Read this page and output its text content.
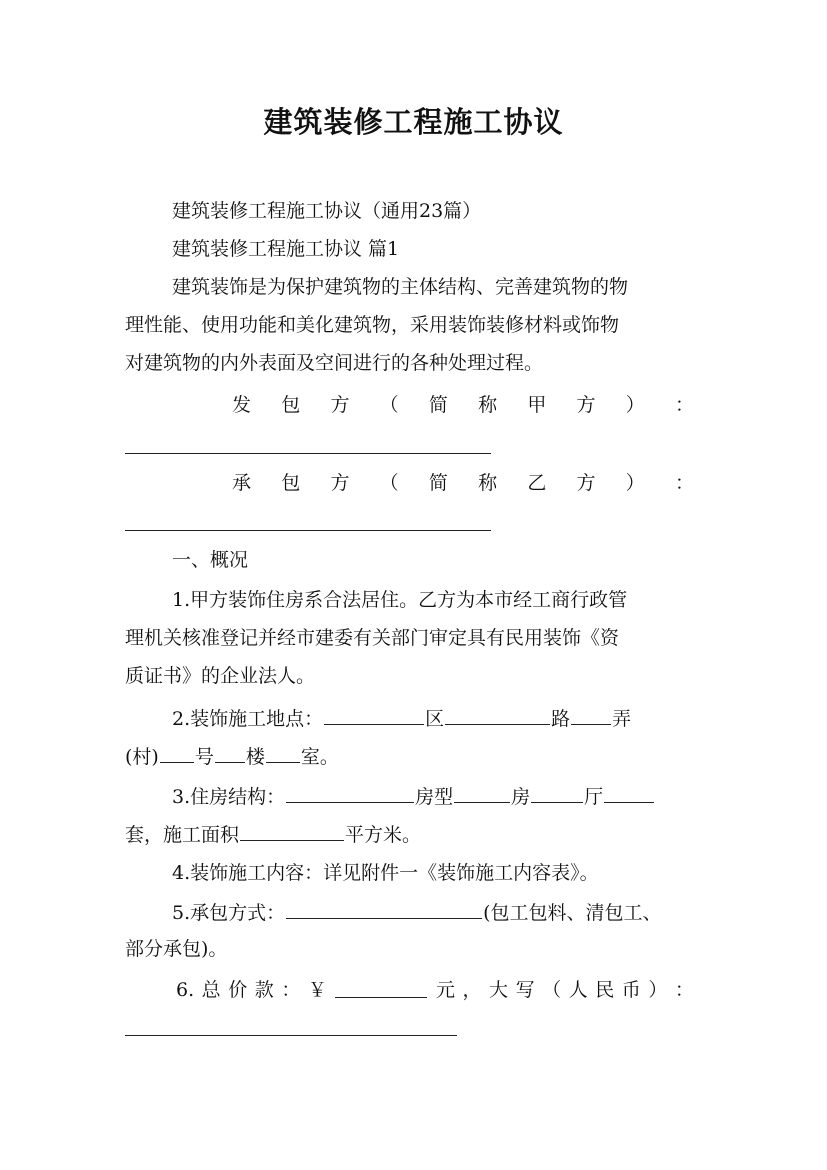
建筑装修工程施工协议
建筑装修工程施工协议（通用23篇）
建筑装修工程施工协议 篇1
建筑装饰是为保护建筑物的主体结构、完善建筑物的物
理性能、使用功能和美化建筑物，采用装饰装修材料或饰物
对建筑物的内外表面及空间进行的各种处理过程。
发 包 方 （ 简 称 甲 方 ） ：
承 包 方 （ 简 称 乙 方 ） ：
一、概况
1.甲方装饰住房系合法居住。乙方为本市经工商行政管
理机关核准登记并经市建委有关部门审定具有民用装饰《资
质证书》的企业法人。
2.装饰施工地点：	区	路 弄
(村) 号 楼 室。
3.住房结构：	房型	房	厅
套，施工面积	平方米。
4.装饰施工内容：详见附件一《装饰施工内容表》。
5.承包方式：	(包工包料、清包工、
部分承包)。
6. 总 价 款 ： ￥	元 ， 大 写 （ 人 民 币 ） ：
